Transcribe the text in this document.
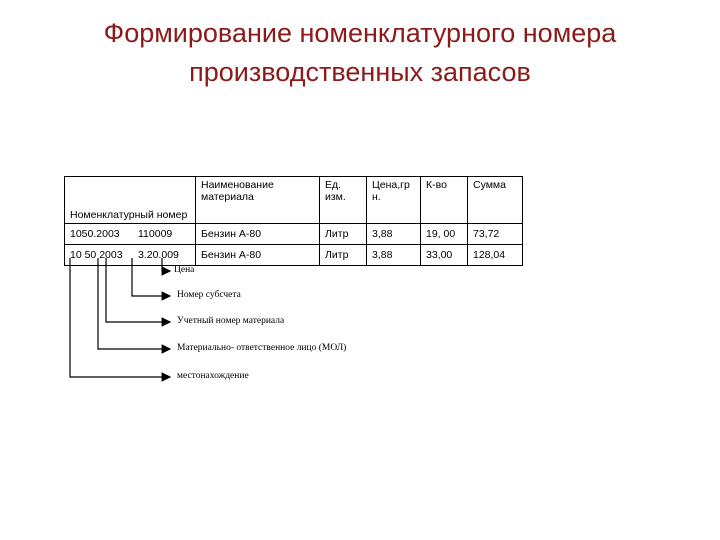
Формирование номенклатурного номера
производственных запасов
Номенклатурный номер	Наименование материала	Ед. изм.	Цена,гр н.	К-во	Сумма
1050.2003 110009	Бензин А-80	Литр	3,88	19, 00	73,72
10 50 2003 3.20.009	Бензин А-80	Литр	3,88	33,00	128,04
Цена
Номер субсчета
Учетный номер материала
Материально- ответственное лицо (МОЛ)
местонахождение
